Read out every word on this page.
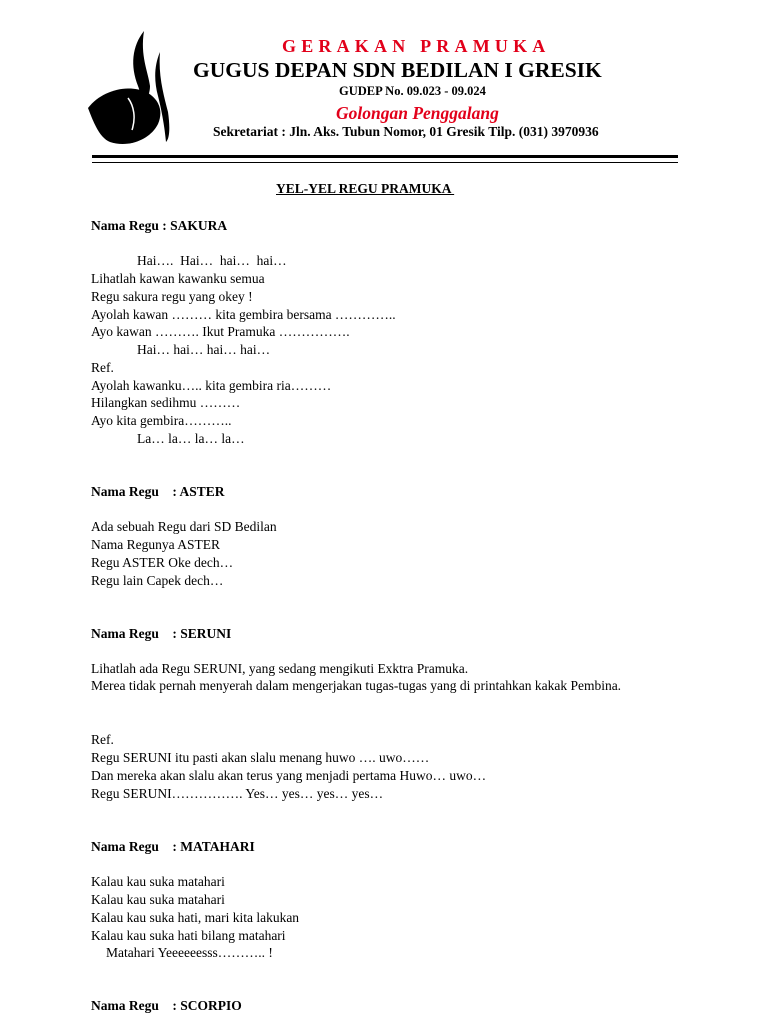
GERAKAN PRAMUKA
GUGUS DEPAN SDN BEDILAN I GRESIK
GUDEP No. 09.023 - 09.024
Golongan Penggalang
Sekretariat : Jln. Aks. Tubun Nomor, 01 Gresik Tilp. (031) 3970936
YEL-YEL REGU PRAMUKA
Nama Regu : SAKURA
Hai….  Hai…  hai…  hai…
Lihatlah kawan kawanku semua
Regu sakura regu yang okey !
Ayolah kawan ……… kita gembira bersama …………..
Ayo kawan ………. Ikut Pramuka …………….
Hai… hai… hai… hai…
Ref.
Ayolah kawanku….. kita gembira ria………
Hilangkan sedihmu ………
Ayo kita gembira………..
La… la… la… la…
Nama Regu    : ASTER
Ada sebuah Regu dari SD Bedilan
Nama Regunya ASTER
Regu ASTER Oke dech…
Regu lain Capek dech…
Nama Regu    : SERUNI
Lihatlah ada Regu SERUNI, yang sedang mengikuti Exktra Pramuka.
Merea tidak pernah menyerah dalam mengerjakan tugas-tugas yang di printahkan kakak Pembina.
Ref.
Regu SERUNI itu pasti akan slalu menang huwo …. uwo……
Dan mereka akan slalu akan terus yang menjadi pertama Huwo… uwo…
Regu SERUNI……………. Yes… yes… yes… yes…
Nama Regu    : MATAHARI
Kalau kau suka matahari
Kalau kau suka matahari
Kalau kau suka hati, mari kita lakukan
Kalau kau suka hati bilang matahari
Matahari Yeeeeeesss……….. !
Nama Regu    : SCORPIO
